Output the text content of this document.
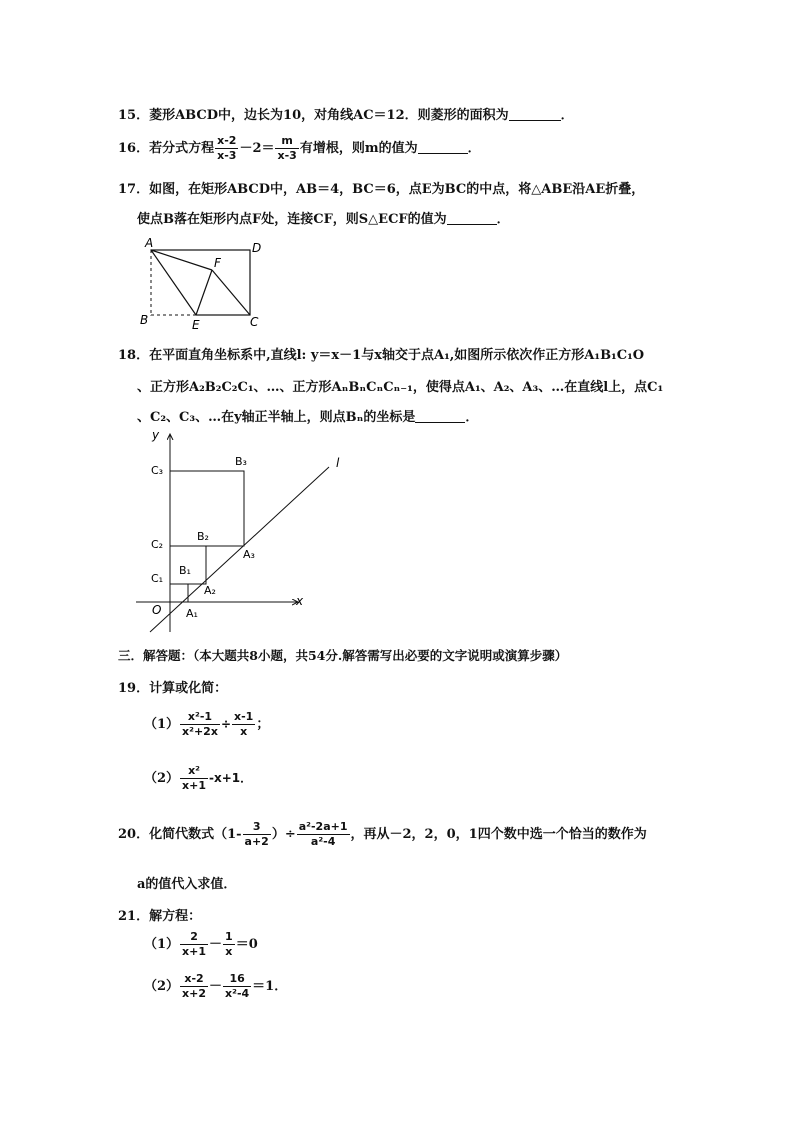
15．菱形ABCD中，边长为10，对角线AC＝12．则菱形的面积为	．
16．若分式方程 $\frac{x-2}{x-3} -2= \frac{m}{x-3}$ 有增根，则m的值为	．
17．如图，在矩形ABCD中，AB＝4，BC＝6，点E为BC的中点，将△ABE沿AE折叠，
使点B落在矩形内点F处，连接CF，则S△ECF的值为	．
A
B	C
D
E
F
18．在平面直角坐标系中,直线l: y＝x－1与x轴交于点A₁,如图所示依次作正方形A₁B₁C₁O
、正方形A₂B₂C₂C₁、…、正方形AₙBₙCₙCₙ₋₁，使得点A₁、A₂、A₃、…在直线l上，点C₁
、C₂、C₃、…在y轴正半轴上，则点Bₙ的坐标是	．
y
x
l
O
C₁
C₂
C₃
B₁
B₂
B₃
A₁
A₂
A₃
三．解答题：（本大题共8小题，共54分.解答需写出必要的文字说明或演算步骤）
19．计算或化简：
$(1) \frac{\text{x²-1}}{\text{x²+2x}} \div \frac{x-1}{x}$ ；
$(2) \frac{\text{x²}}{x+1} -x+1$．
20．化简代数式（$1- \frac{3}{a+2}$ ）÷ $\frac{\text{a²-2a+1}}{\text{a²-4}}$ ，再从－2，2，0，1四个数中选一个恰当的数作为
a的值代入求值．
21．解方程：
$(1) \frac{2}{x+1} - \frac{1}{x} =0$
$(2) \frac{x-2}{x+2} - \frac{16}{\text{x²-4}} =1$．
